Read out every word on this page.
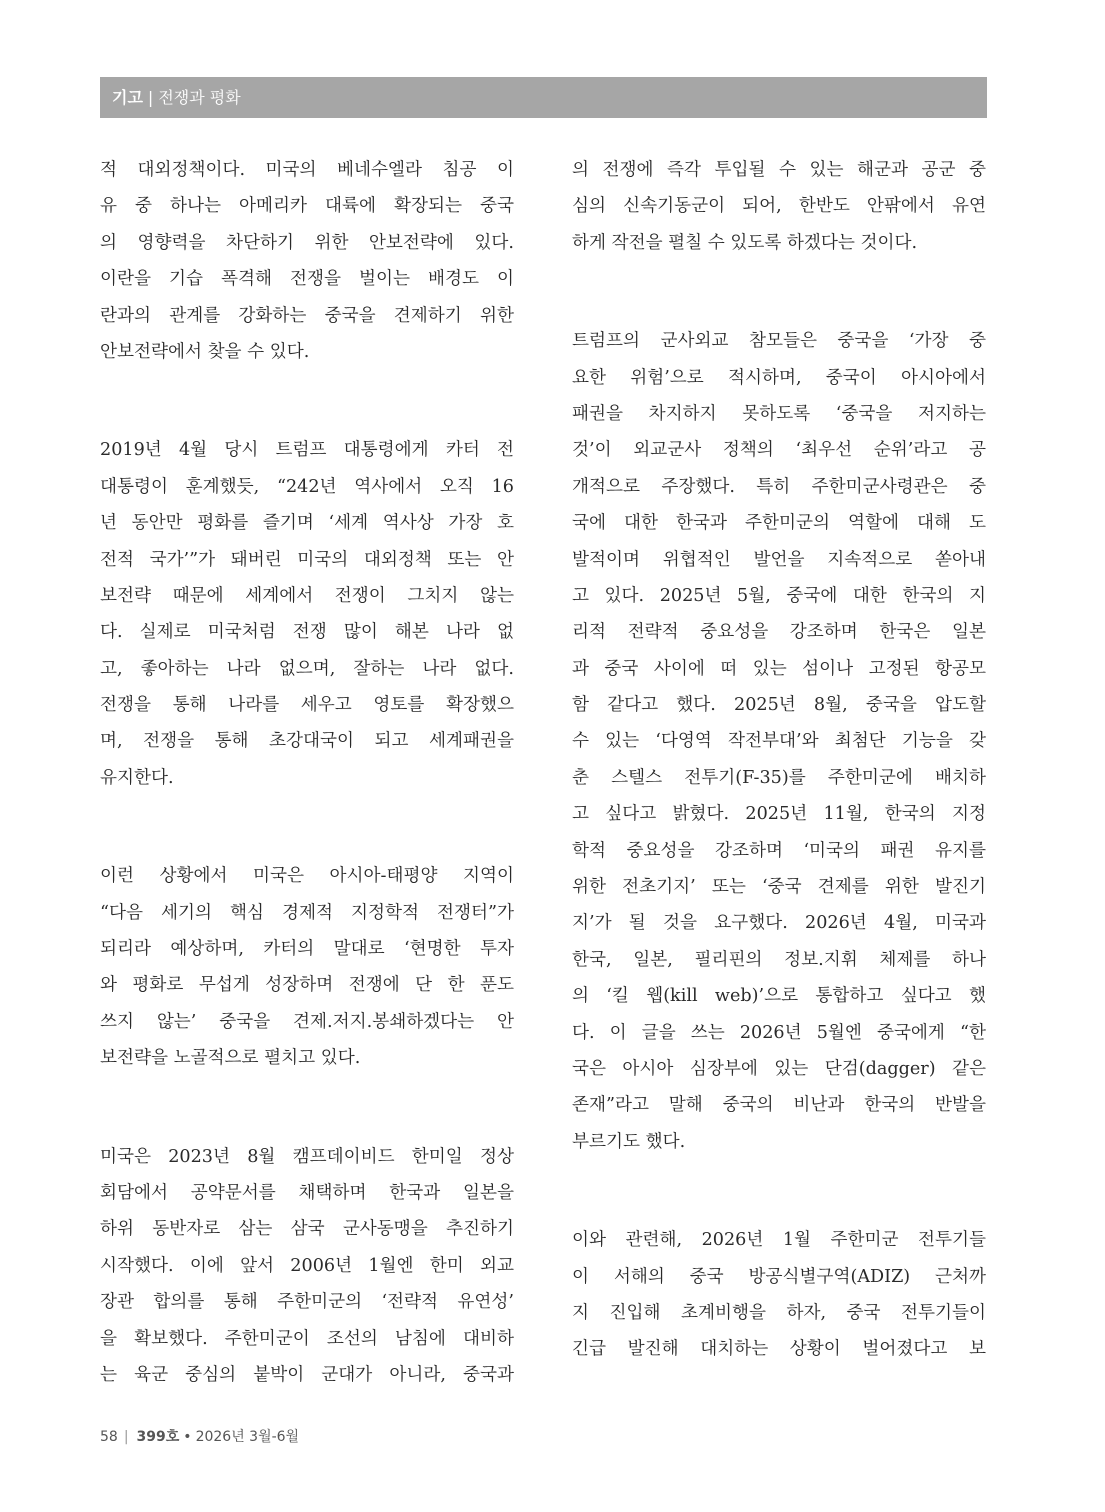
기고 | 전쟁과 평화
적 대외정책이다. 미국의 베네수엘라 침공 이
유 중 하나는 아메리카 대륙에 확장되는 중국
의 영향력을 차단하기 위한 안보전략에 있다.
이란을 기습 폭격해 전쟁을 벌이는 배경도 이
란과의 관계를 강화하는 중국을 견제하기 위한
안보전략에서 찾을 수 있다.
2019년 4월 당시 트럼프 대통령에게 카터 전
대통령이 훈계했듯, “242년 역사에서 오직 16
년 동안만 평화를 즐기며 ‘세계 역사상 가장 호
전적 국가’”가 돼버린 미국의 대외정책 또는 안
보전략 때문에 세계에서 전쟁이 그치지 않는
다. 실제로 미국처럼 전쟁 많이 해본 나라 없
고, 좋아하는 나라 없으며, 잘하는 나라 없다.
전쟁을 통해 나라를 세우고 영토를 확장했으
며, 전쟁을 통해 초강대국이 되고 세계패권을
유지한다.
이런 상황에서 미국은 아시아-태평양 지역이
“다음 세기의 핵심 경제적 지정학적 전쟁터”가
되리라 예상하며, 카터의 말대로 ‘현명한 투자
와 평화로 무섭게 성장하며 전쟁에 단 한 푼도
쓰지 않는’ 중국을 견제.저지.봉쇄하겠다는 안
보전략을 노골적으로 펼치고 있다.
미국은 2023년 8월 캠프데이비드 한미일 정상
회담에서 공약문서를 채택하며 한국과 일본을
하위 동반자로 삼는 삼국 군사동맹을 추진하기
시작했다. 이에 앞서 2006년 1월엔 한미 외교
장관 합의를 통해 주한미군의 ‘전략적 유연성’
을 확보했다. 주한미군이 조선의 남침에 대비하
는 육군 중심의 붙박이 군대가 아니라, 중국과
의 전쟁에 즉각 투입될 수 있는 해군과 공군 중
심의 신속기동군이 되어, 한반도 안팎에서 유연
하게 작전을 펼칠 수 있도록 하겠다는 것이다.
트럼프의 군사외교 참모들은 중국을 ‘가장 중
요한 위험’으로 적시하며, 중국이 아시아에서
패권을 차지하지 못하도록 ‘중국을 저지하는
것’이 외교군사 정책의 ‘최우선 순위’라고 공
개적으로 주장했다. 특히 주한미군사령관은 중
국에 대한 한국과 주한미군의 역할에 대해 도
발적이며 위협적인 발언을 지속적으로 쏟아내
고 있다. 2025년 5월, 중국에 대한 한국의 지
리적 전략적 중요성을 강조하며 한국은 일본
과 중국 사이에 떠 있는 섬이나 고정된 항공모
함 같다고 했다. 2025년 8월, 중국을 압도할
수 있는 ‘다영역 작전부대’와 최첨단 기능을 갖
춘 스텔스 전투기(F-35)를 주한미군에 배치하
고 싶다고 밝혔다. 2025년 11월, 한국의 지정
학적 중요성을 강조하며 ‘미국의 패권 유지를
위한 전초기지’ 또는 ‘중국 견제를 위한 발진기
지’가 될 것을 요구했다. 2026년 4월, 미국과
한국, 일본, 필리핀의 정보.지휘 체제를 하나
의 ‘킬 웹(kill web)’으로 통합하고 싶다고 했
다. 이 글을 쓰는 2026년 5월엔 중국에게 “한
국은 아시아 심장부에 있는 단검(dagger) 같은
존재”라고 말해 중국의 비난과 한국의 반발을
부르기도 했다.
이와 관련해, 2026년 1월 주한미군 전투기들
이 서해의 중국 방공식별구역(ADIZ) 근처까
지 진입해 초계비행을 하자, 중국 전투기들이
긴급 발진해 대치하는 상황이 벌어졌다고 보
58 | 399호 • 2026년 3월-6월
